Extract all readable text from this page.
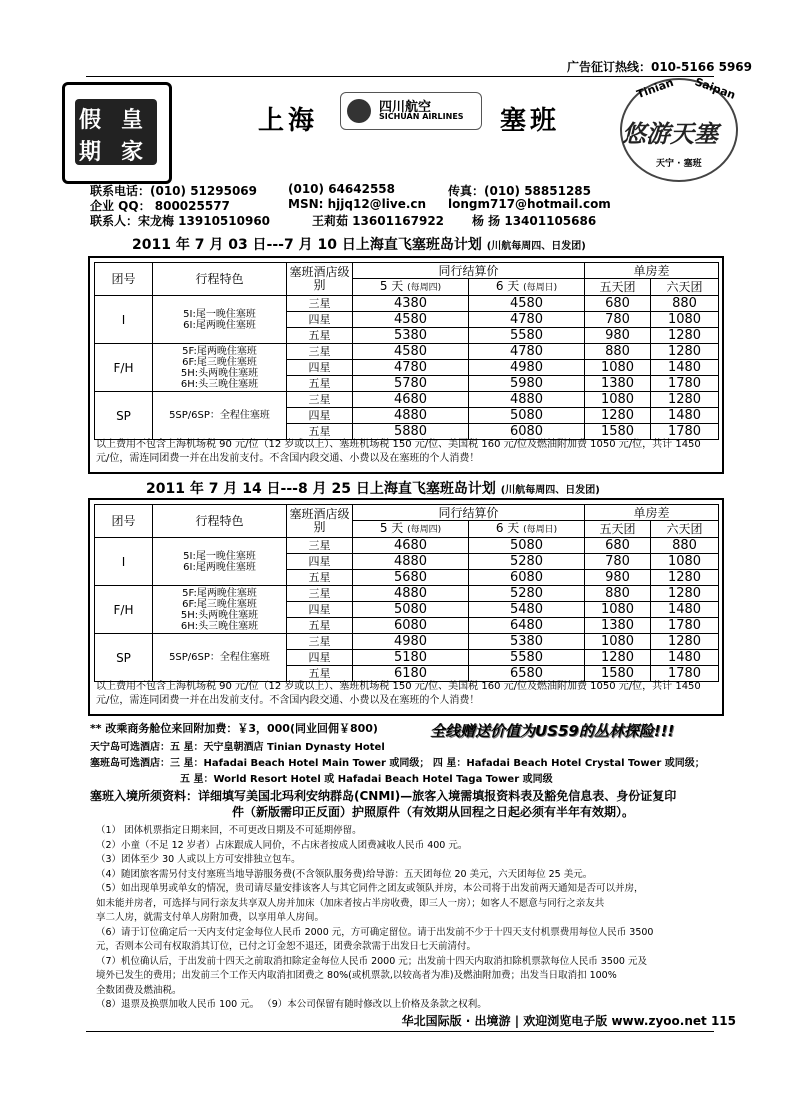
广告征订热线：010-5166 5969
假 皇
期 家
上海	四川航空
SICHUAN AIRLINES 塞班
Tinian Saipan
悠游天塞
天宁 · 塞班
联系电话：(010) 51295069	(010) 64642558	传真：(010) 58851285
企业 QQ： 800025577	MSN: hjjq12@live.cn longm717@hotmail.com
联系人：宋龙梅 13910510960	王莉茹 13601167922 杨 扬 13401105686
2011 年 7 月 03 日---7 月 10 日上海直飞塞班岛计划 (川航每周四、日发团)
团号	行程特色	塞班酒店级别	同行结算价		单房差	
			5 天 (每周四)	6 天 (每周日)	五天团	六天团
I	5I:尾一晚住塞班
6I:尾两晚住塞班	三星	4380	4580	680	880
		四星	4580	4780	780	1080
		五星	5380	5580	980	1280
F/H	5F:尾两晚住塞班
6F:尾三晚住塞班
5H:头两晚住塞班
6H:头三晚住塞班	三星	4580	4780	880	1280
		四星	4780	4980	1080	1480
		五星	5780	5980	1380	1780
SP	5SP/6SP：全程住塞班	三星	4680	4880	1080	1280
		四星	4880	5080	1280	1480
		五星	5880	6080	1580	1780
以上费用不包含上海机场税 90 元/位（12 岁或以上）、塞班机场税 150 元/位、美国税 160 元/位及燃油附加费 1050 元/位，共计 1450 元/位，需连同团费一并在出发前支付。不含国内段交通、小费以及在塞班的个人消费！
2011 年 7 月 14 日---8 月 25 日上海直飞塞班岛计划 (川航每周四、日发团)
团号	行程特色	塞班酒店级别	同行结算价		单房差	
			5 天 (每周四)	6 天 (每周日)	五天团	六天团
I	5I:尾一晚住塞班
6I:尾两晚住塞班	三星	4680	5080	680	880
		四星	4880	5280	780	1080
		五星	5680	6080	980	1280
F/H	5F:尾两晚住塞班
6F:尾三晚住塞班
5H:头两晚住塞班
6H:头三晚住塞班	三星	4880	5280	880	1280
		四星	5080	5480	1080	1480
		五星	6080	6480	1380	1780
SP	5SP/6SP：全程住塞班	三星	4980	5380	1080	1280
		四星	5180	5580	1280	1480
		五星	6180	6580	1580	1780
以上费用不包含上海机场税 90 元/位（12 岁或以上）、塞班机场税 150 元/位、美国税 160 元/位及燃油附加费 1050 元/位，共计 1450 元/位，需连同团费一并在出发前支付。不含国内段交通、小费以及在塞班的个人消费！
** 改乘商务舱位来回附加费：￥3，000(同业回佣￥800)	全线赠送价值为US59的丛林探险!!!
天宁岛可选酒店：五 星：天宁皇朝酒店 Tinian Dynasty Hotel
塞班岛可选酒店：三 星：Hafadai Beach Hotel Main Tower 或同级； 四 星：Hafadai Beach Hotel Crystal Tower 或同级；
五 星：World Resort Hotel 或 Hafadai Beach Hotel Taga Tower 或同级
塞班入境所须资料：详细填写美国北玛利安纳群岛(CNMI)—旅客入境需填报资料表及豁免信息表、身份证复印
件（新版需印正反面）护照原件（有效期从回程之日起必须有半年有效期）。
（1） 团体机票指定日期来回，不可更改日期及不可延期停留。
（2）小童（不足 12 岁者）占床跟成人同价，不占床者按成人团费减收人民币 400 元。
（3）团体至少 30 人或以上方可安排独立包车。
（4）随团旅客需另付支付塞班当地导游服务费(不含领队服务费)给导游：五天团每位 20 美元，六天团每位 25 美元。
（5）如出现单男或单女的情况，贵司请尽量安排该客人与其它同件之团友或领队并房，本公司将于出发前两天通知是否可以并房，
如未能并房者，可选择与同行亲友共享双人房并加床（加床者按占半房收费，即三人一房）；如客人不愿意与同行之亲友共
享二人房，就需支付单人房附加费，以享用单人房间。
（6）请于订位确定后一天内支付定金每位人民币 2000 元，方可确定留位。请于出发前不少于十四天支付机票费用每位人民币 3500
元，否则本公司有权取消其订位，已付之订金恕不退还，团费余款需于出发日七天前清付。
（7）机位确认后，于出发前十四天之前取消扣除定金每位人民币 2000 元；出发前十四天内取消扣除机票款每位人民币 3500 元及
境外已发生的费用；出发前三个工作天内取消扣团费之 80%(或机票款,以较高者为准)及燃油附加费；出发当日取消扣 100%
全数团费及燃油税。
（8）退票及换票加收人民币 100 元。 （9）本公司保留有随时修改以上价格及条款之权利。
华北国际版 · 出境游 | 欢迎浏览电子版 www.zyoo.net 115
